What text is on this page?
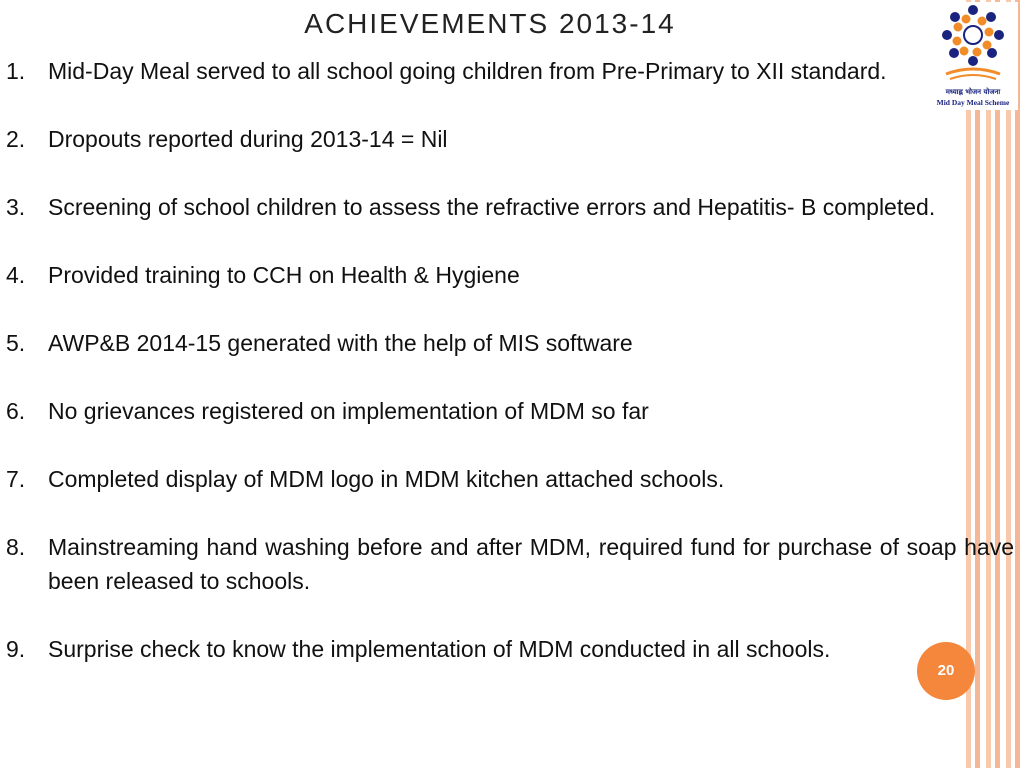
मध्याह्न भोजन योजना
Mid Day Meal Scheme
ACHIEVEMENTS 2013-14
1. Mid-Day Meal served to all school going children from Pre-Primary to XII standard.
2. Dropouts reported during 2013-14 = Nil
3. Screening of school children to assess the refractive errors and Hepatitis- B completed.
4. Provided training to CCH on Health & Hygiene
5. AWP&B 2014-15 generated with the help of MIS software
6. No grievances registered on implementation of MDM so far
7. Completed display of MDM logo in MDM kitchen attached schools.
8. Mainstreaming hand washing before and after MDM, required fund for purchase of soap have been released to schools.
9. Surprise check to know the implementation of MDM conducted in all schools.
20
